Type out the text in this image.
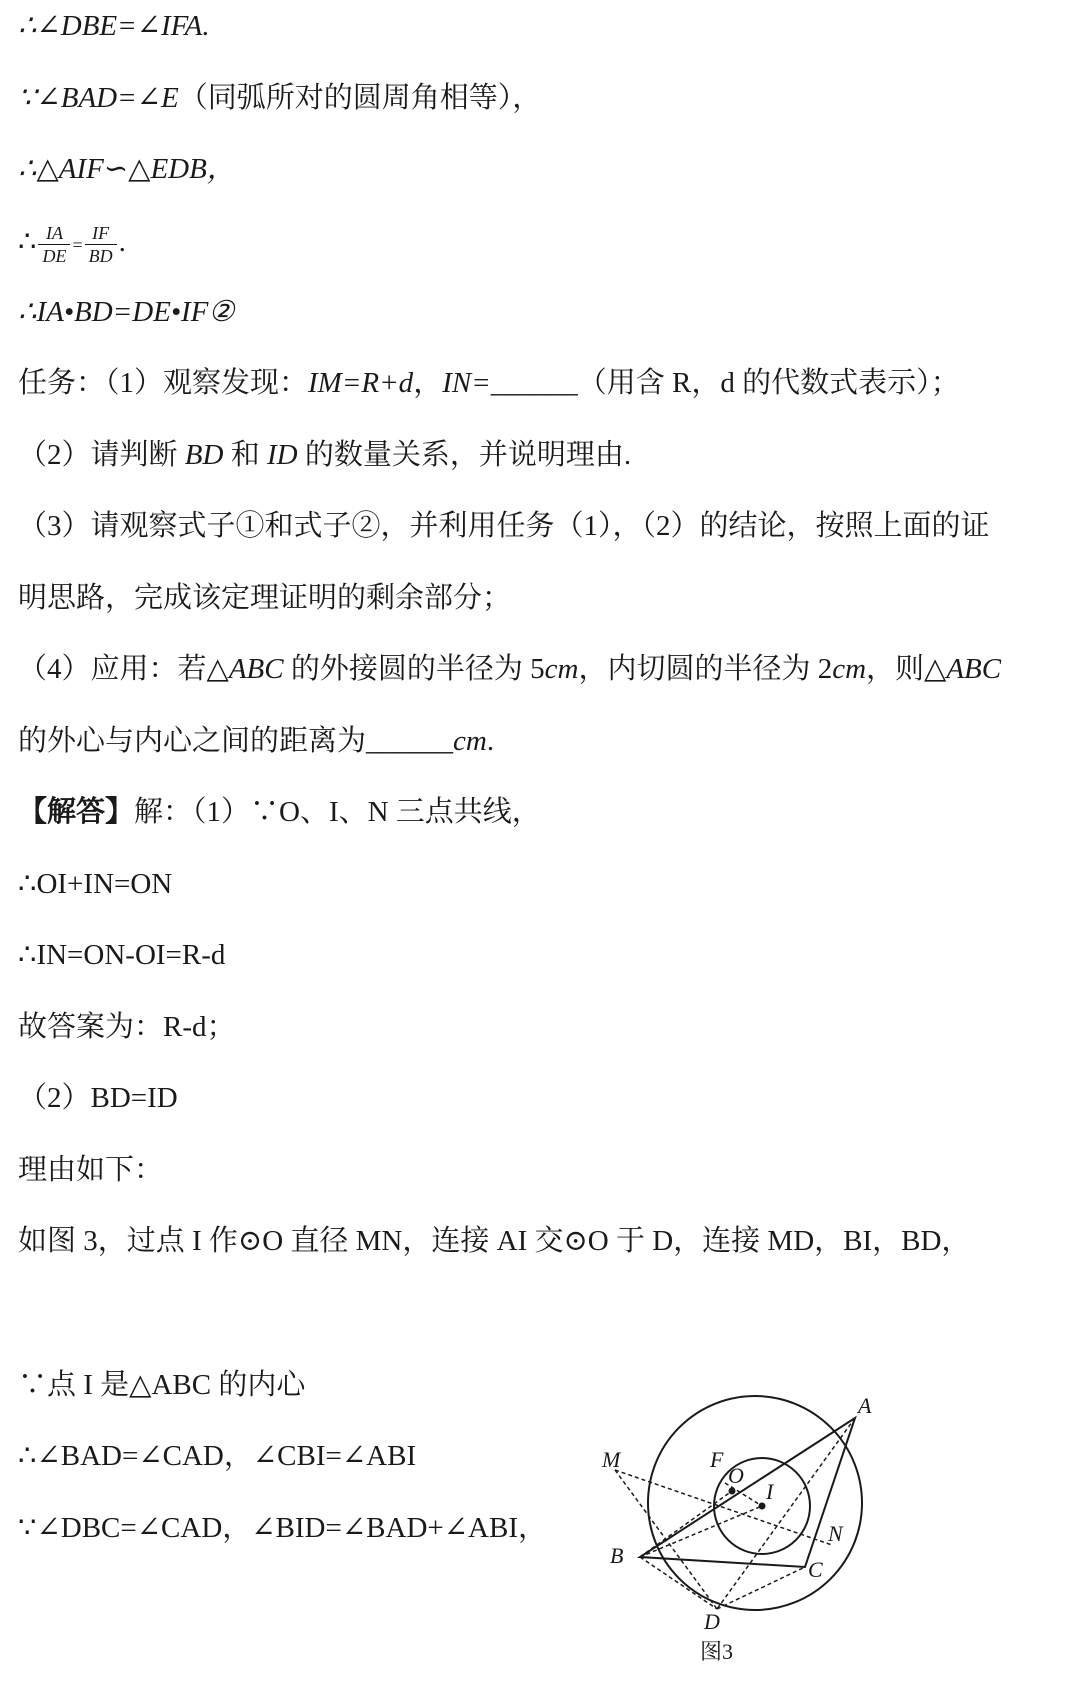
∴∠DBE=∠IFA.
∵∠BAD=∠E（同弧所对的圆周角相等），
∴△AIF∽△EDB，
∴ $\frac{IA}{DE} = \frac{IF}{BD}$ .
∴IA•BD=DE•IF②
任务：（1）观察发现：IM=R+d，IN=______（用含 R，d 的代数式表示）；
（2）请判断 BD 和 ID 的数量关系，并说明理由.
（3）请观察式子①和式子②，并利用任务（1），（2）的结论，按照上面的证
明思路，完成该定理证明的剩余部分；
（4）应用：若△ABC 的外接圆的半径为 5cm，内切圆的半径为 2cm，则△ABC
的外心与内心之间的距离为______cm.
【解答】解：（1）∵O、I、N 三点共线，
∴OI+IN=ON
∴IN=ON-OI=R-d
故答案为：R-d；
（2）BD=ID
理由如下：
如图 3，过点 I 作⊙O 直径 MN，连接 AI 交⊙O 于 D，连接 MD，BI，BD，
∵点 I 是△ABC 的内心
∴∠BAD=∠CAD，∠CBI=∠ABI
∵∠DBC=∠CAD，∠BID=∠BAD+∠ABI，
A
M	F
O
I
N
B
C
D
图3
